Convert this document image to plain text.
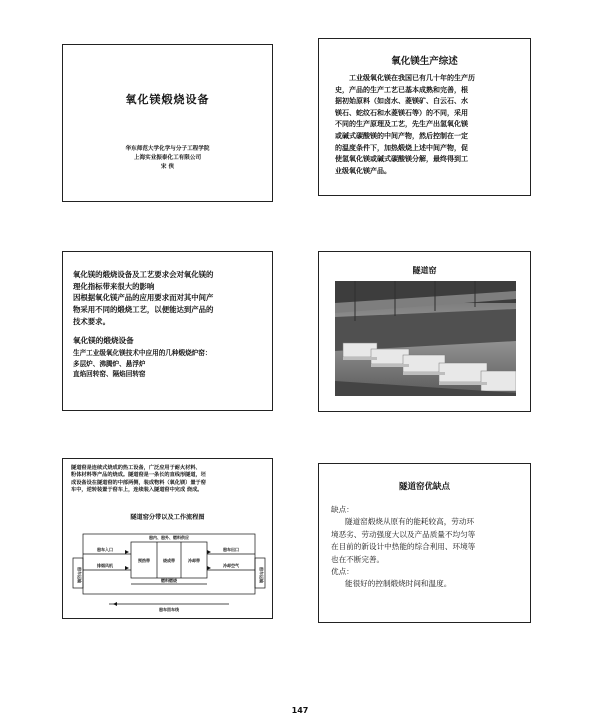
氧化镁煅烧设备
华东师范大学化学与分子工程学院
上海实业振泰化工有限公司
宋 侠
氧化镁生产综述
工业级氧化镁在我国已有几十年的生产历
史，产品的生产工艺已基本成熟和完善，根
据初始原料（如卤水、菱镁矿、白云石、水
镁石、蛇纹石和水菱镁石等）的不同，采用
不同的生产原理及工艺，先生产出氢氧化镁
或碱式碳酸镁的中间产物，然后控制在一定
的温度条件下，加热煅烧上述中间产物，促
使氢氧化镁或碱式碳酸镁分解，最终得到工
业级氧化镁产品。
氧化镁的煅烧设备及工艺要求会对氧化镁的
理化指标带来很大的影响
因根据氧化镁产品的应用要求而对其中间产
物采用不同的煅烧工艺，以便能达到产品的
技术要求。
氧化镁的煅烧设备
生产工业级氧化镁技术中应用的几种煅烧炉窑：
多层炉、沸腾炉、悬浮炉
直焰回转窑、隔焰回转窑
隧道窑
隧道窑是连续式烧成的热工设备，广泛应用于耐火材料、
粉体材料等产品的烧成。隧道窑是一条长的直线形隧道，坯
成设备设在隧道窑的中部两侧，装成物料（氧化镁）置于窑
车中，逆转装置于窑车上，连续装入隧道窑中完成 烧成。
隧道窑分带以及工作流程图
窑内、窑外、燃料供应
预热带	烧成带	冷却带
窑车入口	窑车出口
窑车运输	窑车运输
排烟风机
燃料燃烧
冷却空气
窑车回车线
隧道窑优缺点
缺点：
隧道窑煅烧从原有的能耗较高，劳动环
境恶劣、劳动强度大以及产品质量不均匀等
在目前的新设计中热能的综合利用、环境等
也在不断完善。
优点：
能很好的控制煅烧时间和温度。
147
